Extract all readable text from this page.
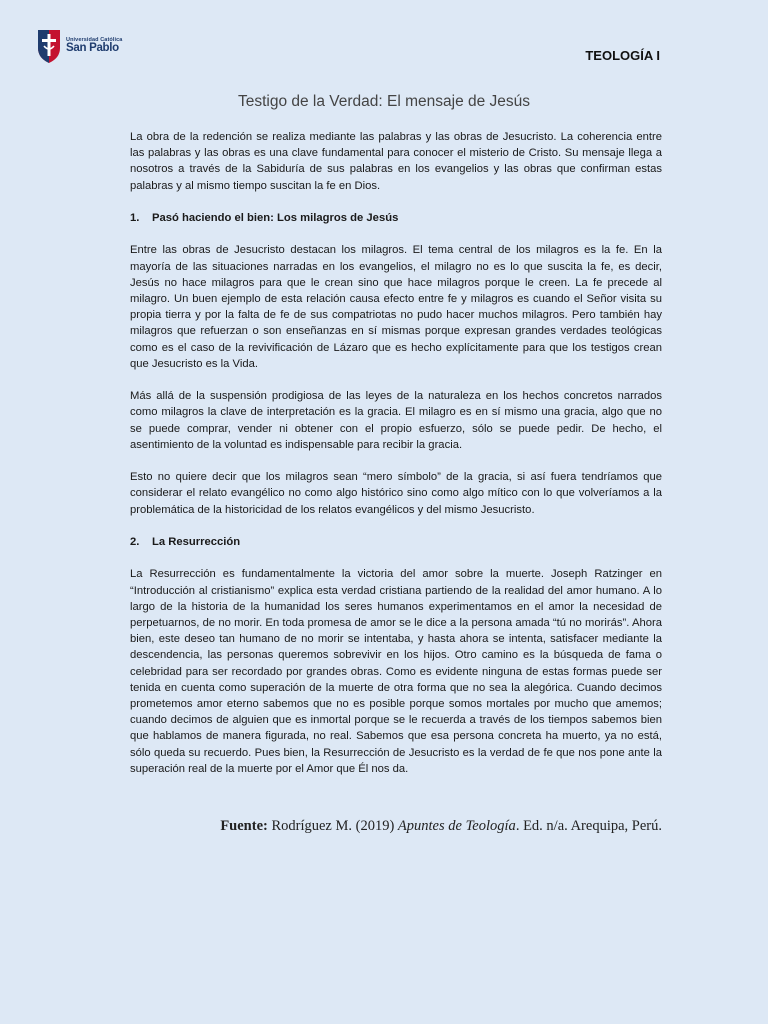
Universidad Católica
San Pablo	TEOLOGÍA I
Testigo de la Verdad: El mensaje de Jesús

La obra de la redención se realiza mediante las palabras y las obras de Jesucristo. La coherencia entre las palabras y las obras es una clave fundamental para conocer el misterio de Cristo. Su mensaje llega a nosotros a través de la Sabiduría de sus palabras en los evangelios y las obras que confirman estas palabras y al mismo tiempo suscitan la fe en Dios.

1. Pasó haciendo el bien: Los milagros de Jesús

Entre las obras de Jesucristo destacan los milagros. El tema central de los milagros es la fe. En la mayoría de las situaciones narradas en los evangelios, el milagro no es lo que suscita la fe, es decir, Jesús no hace milagros para que le crean sino que hace milagros porque le creen. La fe precede al milagro. Un buen ejemplo de esta relación causa efecto entre fe y milagros es cuando el Señor visita su propia tierra y por la falta de fe de sus compatriotas no pudo hacer muchos milagros. Pero también hay milagros que refuerzan o son enseñanzas en sí mismas porque expresan grandes verdades teológicas como es el caso de la revivificación de Lázaro que es hecho explícitamente para que los testigos crean que Jesucristo es la Vida.

Más allá de la suspensión prodigiosa de las leyes de la naturaleza en los hechos concretos narrados como milagros la clave de interpretación es la gracia. El milagro es en sí mismo una gracia, algo que no se puede comprar, vender ni obtener con el propio esfuerzo, sólo se puede pedir. De hecho, el asentimiento de la voluntad es indispensable para recibir la gracia.

Esto no quiere decir que los milagros sean “mero símbolo” de la gracia, si así fuera tendríamos que considerar el relato evangélico no como algo histórico sino como algo mítico con lo que volveríamos a la problemática de la historicidad de los relatos evangélicos y del mismo Jesucristo.

2. La Resurrección

La Resurrección es fundamentalmente la victoria del amor sobre la muerte. Joseph Ratzinger en “Introducción al cristianismo” explica esta verdad cristiana partiendo de la realidad del amor humano. A lo largo de la historia de la humanidad los seres humanos experimentamos en el amor la necesidad de perpetuarnos, de no morir. En toda promesa de amor se le dice a la persona amada “tú no morirás”. Ahora bien, este deseo tan humano de no morir se intentaba, y hasta ahora se intenta, satisfacer mediante la descendencia, las personas queremos sobrevivir en los hijos. Otro camino es la búsqueda de fama o celebridad para ser recordado por grandes obras. Como es evidente ninguna de estas formas puede ser tenida en cuenta como superación de la muerte de otra forma que no sea la alegórica. Cuando decimos prometemos amor eterno sabemos que no es posible porque somos mortales por mucho que amemos; cuando decimos de alguien que es inmortal porque se le recuerda a través de los tiempos sabemos bien que hablamos de manera figurada, no real. Sabemos que esa persona concreta ha muerto, ya no está, sólo queda su recuerdo. Pues bien, la Resurrección de Jesucristo es la verdad de fe que nos pone ante la superación real de la muerte por el Amor que Él nos da.

Fuente: Rodríguez M. (2019) Apuntes de Teología. Ed. n/a. Arequipa, Perú.
